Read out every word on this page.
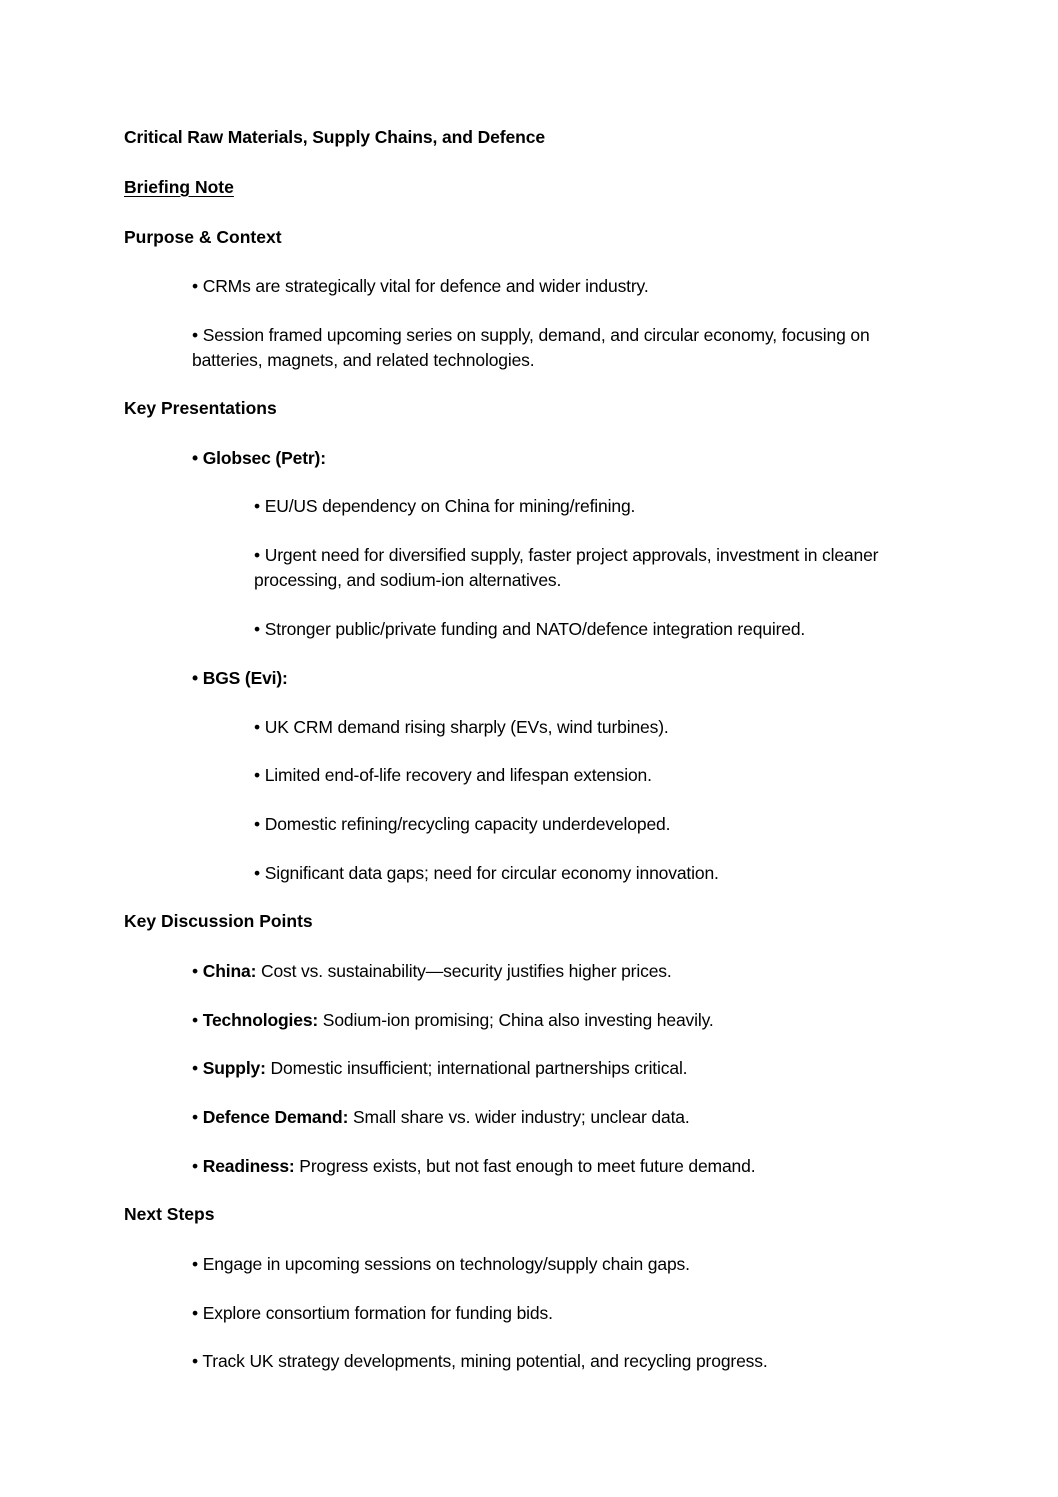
Critical Raw Materials, Supply Chains, and Defence

Briefing Note

Purpose & Context

• CRMs are strategically vital for defence and wider industry.

• Session framed upcoming series on supply, demand, and circular economy, focusing on batteries, magnets, and related technologies.

Key Presentations

• Globsec (Petr):

• EU/US dependency on China for mining/refining.

• Urgent need for diversified supply, faster project approvals, investment in cleaner processing, and sodium-ion alternatives.

• Stronger public/private funding and NATO/defence integration required.

• BGS (Evi):

• UK CRM demand rising sharply (EVs, wind turbines).

• Limited end-of-life recovery and lifespan extension.

• Domestic refining/recycling capacity underdeveloped.

• Significant data gaps; need for circular economy innovation.

Key Discussion Points

• China: Cost vs. sustainability—security justifies higher prices.

• Technologies: Sodium-ion promising; China also investing heavily.

• Supply: Domestic insufficient; international partnerships critical.

• Defence Demand: Small share vs. wider industry; unclear data.

• Readiness: Progress exists, but not fast enough to meet future demand.

Next Steps

• Engage in upcoming sessions on technology/supply chain gaps.

• Explore consortium formation for funding bids.

• Track UK strategy developments, mining potential, and recycling progress.
